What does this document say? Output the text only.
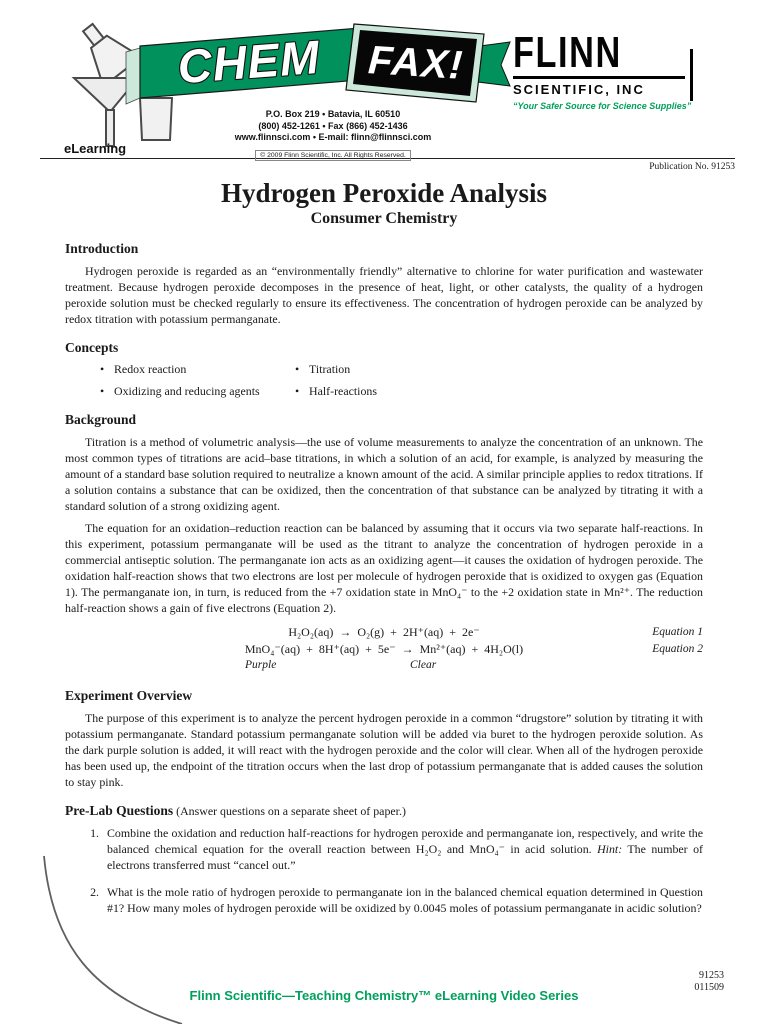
CHEM FAX!
eLearning
P.O. Box 219 • Batavia, IL 60510
(800) 452-1261 • Fax (866) 452-1436
www.flinnsci.com • E-mail: flinn@flinnsci.com
© 2009 Flinn Scientific, Inc. All Rights Reserved.
FLINN
SCIENTIFIC, INC
“Your Safer Source for Science Supplies”
Publication No. 91253
Hydrogen Peroxide Analysis
Consumer Chemistry
Introduction

Hydrogen peroxide is regarded as an “environmentally friendly” alternative to chlorine for water purification and wastewater treatment. Because hydrogen peroxide decomposes in the presence of heat, light, or other catalysts, the quality of a hydrogen peroxide solution must be checked regularly to ensure its effectiveness. The concentration of hydrogen peroxide can be analyzed by redox titration with potassium permanganate.

Concepts
• Redox reaction	• Titration
• Oxidizing and reducing agents	• Half-reactions
Background

Titration is a method of volumetric analysis—the use of volume measurements to analyze the concentration of an unknown. The most common types of titrations are acid–base titrations, in which a solution of an acid, for example, is analyzed by measuring the amount of a standard base solution required to neutralize a known amount of the acid. A similar principle applies to redox titrations. If a solution contains a substance that can be oxidized, then the concentration of that substance can be analyzed by titrating it with a standard solution of a strong oxidizing agent.

The equation for an oxidation–reduction reaction can be balanced by assuming that it occurs via two separate half-reactions. In this experiment, potassium permanganate will be used as the titrant to analyze the concentration of hydrogen peroxide in a commercial antiseptic solution. The permanganate ion acts as an oxidizing agent—it causes the oxidation of hydrogen peroxide. The oxidation half-reaction shows that two electrons are lost per molecule of hydrogen peroxide that is oxidized to oxygen gas (Equation 1). The permanganate ion, in turn, is reduced from the +7 oxidation state in MnO₄⁻ to the +2 oxidation state in Mn²⁺. The reduction half-reaction shows a gain of five electrons (Equation 2).

H₂O₂(aq) → O₂(g) + 2H⁺(aq) + 2e⁻	Equation 1
MnO₄⁻(aq) + 8H⁺(aq) + 5e⁻ → Mn²⁺(aq) + 4H₂O(l)	Equation 2
Purple	Clear
Experiment Overview

The purpose of this experiment is to analyze the percent hydrogen peroxide in a common “drugstore” solution by titrating it with potassium permanganate. Standard potassium permanganate solution will be added via buret to the hydrogen peroxide solution. As the dark purple solution is added, it will react with the hydrogen peroxide and the color will clear. When all of the hydrogen peroxide has been used up, the endpoint of the titration occurs when the last drop of potassium permanganate that is added causes the solution to stay pink.

Pre-Lab Questions (Answer questions on a separate sheet of paper.)
1. Combine the oxidation and reduction half-reactions for hydrogen peroxide and permanganate ion, respectively, and write the balanced chemical equation for the overall reaction between H₂O₂ and MnO₄⁻ in acid solution. Hint: The number of electrons transferred must “cancel out.”

2. What is the mole ratio of hydrogen peroxide to permanganate ion in the balanced chemical equation determined in Question #1? How many moles of hydrogen peroxide will be oxidized by 0.0045 moles of potassium permanganate in acidic solution?

Flinn Scientific—Teaching Chemistry™ eLearning Video Series
91253
011509
